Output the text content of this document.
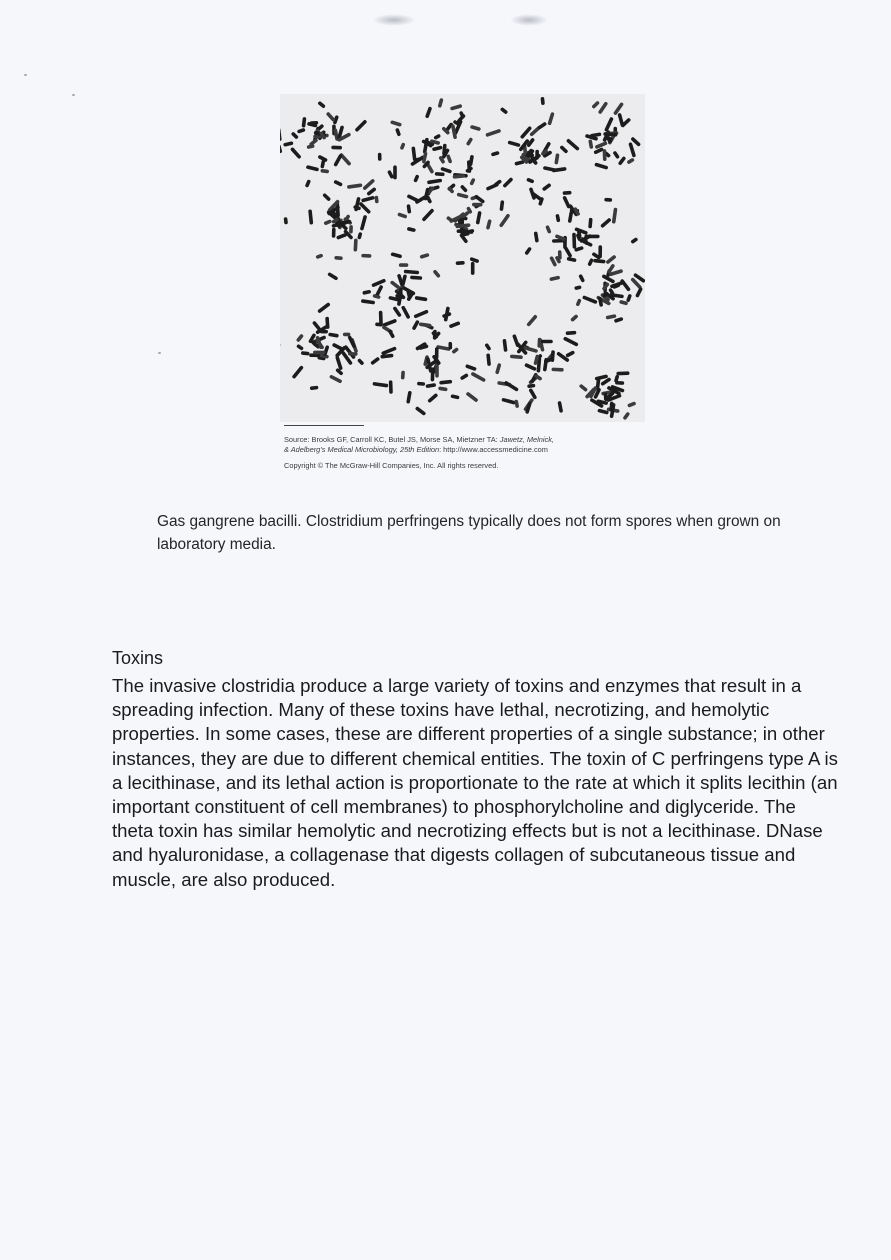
Source: Brooks GF, Carroll KC, Butel JS, Morse SA, Mietzner TA: Jawetz, Melnick,
& Adelberg's Medical Microbiology, 25th Edition: http://www.accessmedicine.com
Copyright © The McGraw-Hill Companies, Inc. All rights reserved.
Gas gangrene bacilli. Clostridium perfringens typically does not form spores when grown on laboratory media.
Toxins
The invasive clostridia produce a large variety of toxins and enzymes that result in a spreading infection. Many of these toxins have lethal, necrotizing, and hemolytic properties. In some cases, these are different properties of a single substance; in other instances, they are due to different chemical entities. The toxin of C perfringens type A is a lecithinase, and its lethal action is proportionate to the rate at which it splits lecithin (an important constituent of cell membranes) to phosphorylcholine and diglyceride. The theta toxin has similar hemolytic and necrotizing effects but is not a lecithinase. DNase and hyaluronidase, a collagenase that digests collagen of subcutaneous tissue and muscle, are also produced.
